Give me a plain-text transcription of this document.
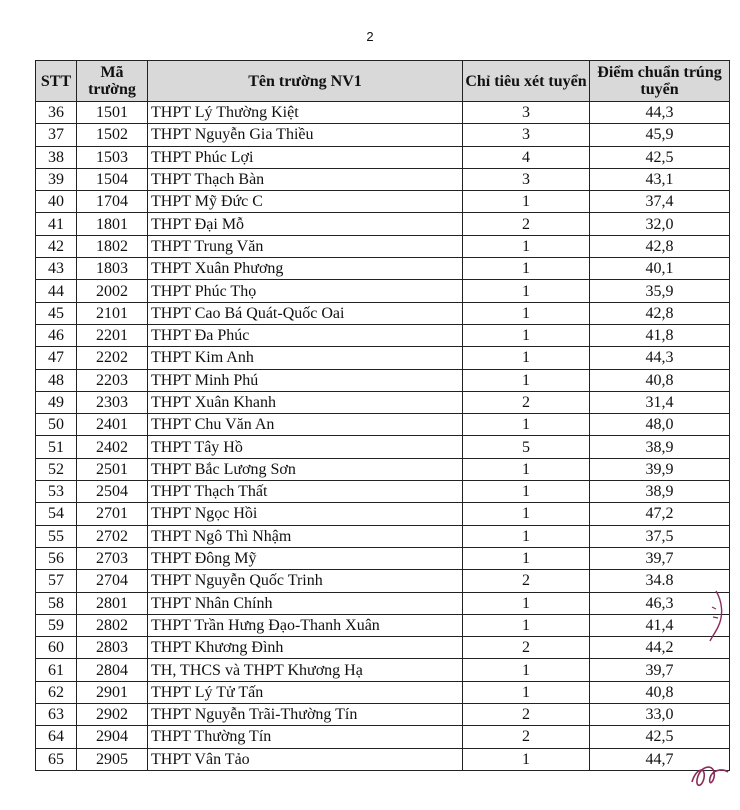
2
STT	Mã trường	Tên trường NV1	Chỉ tiêu xét tuyển	Điểm chuẩn trúng tuyển
36	1501	THPT Lý Thường Kiệt	3	44,3
37	1502	THPT Nguyễn Gia Thiều	3	45,9
38	1503	THPT Phúc Lợi	4	42,5
39	1504	THPT Thạch Bàn	3	43,1
40	1704	THPT Mỹ Đức C	1	37,4
41	1801	THPT Đại Mỗ	2	32,0
42	1802	THPT Trung Văn	1	42,8
43	1803	THPT Xuân Phương	1	40,1
44	2002	THPT Phúc Thọ	1	35,9
45	2101	THPT Cao Bá Quát-Quốc Oai	1	42,8
46	2201	THPT Đa Phúc	1	41,8
47	2202	THPT Kim Anh	1	44,3
48	2203	THPT Minh Phú	1	40,8
49	2303	THPT Xuân Khanh	2	31,4
50	2401	THPT Chu Văn An	1	48,0
51	2402	THPT Tây Hồ	5	38,9
52	2501	THPT Bắc Lương Sơn	1	39,9
53	2504	THPT Thạch Thất	1	38,9
54	2701	THPT Ngọc Hồi	1	47,2
55	2702	THPT Ngô Thì Nhậm	1	37,5
56	2703	THPT Đông Mỹ	1	39,7
57	2704	THPT Nguyễn Quốc Trinh	2	34.8
58	2801	THPT Nhân Chính	1	46,3
59	2802	THPT Trần Hưng Đạo-Thanh Xuân	1	41,4
60	2803	THPT Khương Đình	2	44,2
61	2804	TH, THCS và THPT Khương Hạ	1	39,7
62	2901	THPT Lý Tử Tấn	1	40,8
63	2902	THPT Nguyễn Trãi-Thường Tín	2	33,0
64	2904	THPT Thường Tín	2	42,5
65	2905	THPT Vân Tảo	1	44,7
